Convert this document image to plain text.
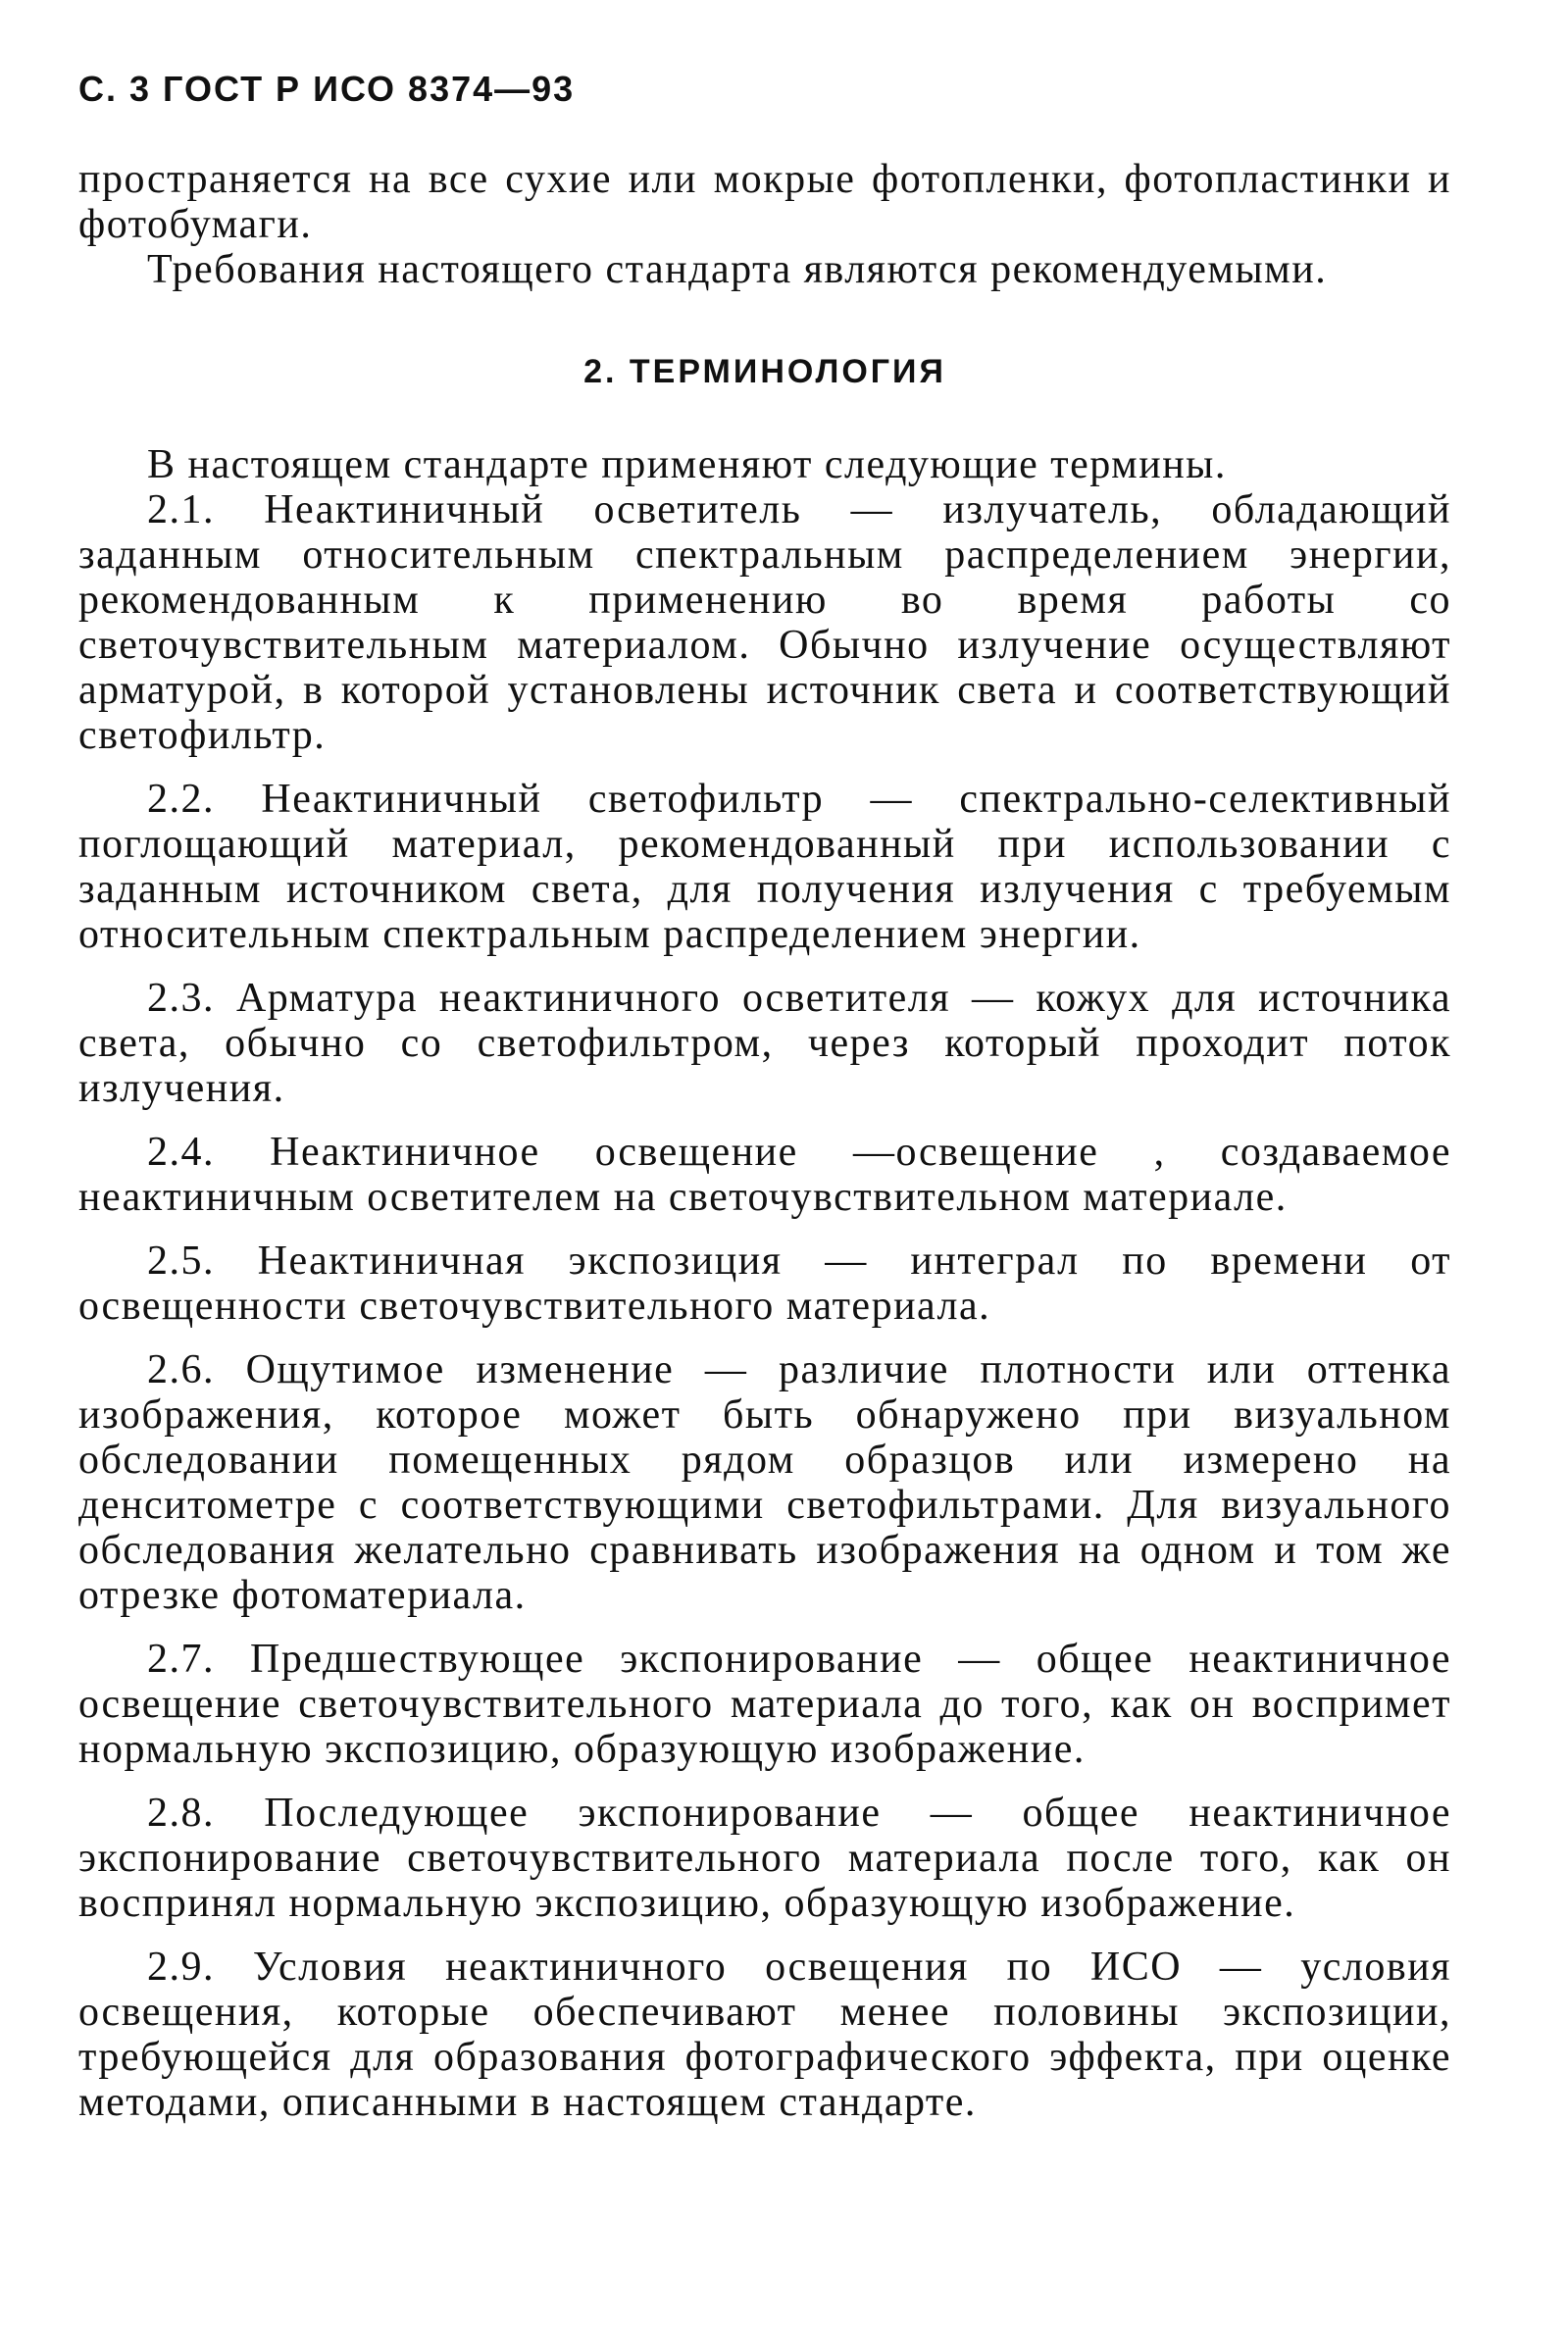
С. 3 ГОСТ Р ИСО 8374—93

пространяется на все сухие или мокрые фотопленки, фотопластинки и фотобумаги.

Требования настоящего стандарта являются рекомендуемыми.

2. ТЕРМИНОЛОГИЯ

В настоящем стандарте применяют следующие термины.

2.1. Неактиничный осветитель — излучатель, обладающий заданным относительным спектральным распределением энергии, рекомендованным к применению во время работы со светочувствительным материалом. Обычно излучение осуществляют арматурой, в которой установлены источник света и соответствующий светофильтр.

2.2. Неактиничный светофильтр — спектрально-селективный поглощающий материал, рекомендованный при использовании с заданным источником света, для получения излучения с требуемым относительным спектральным распределением энергии.

2.3. Арматура неактиничного осветителя — кожух для источника света, обычно со светофильтром, через который проходит поток излучения.

2.4. Неактиничное освещение —освещение , создаваемое неактиничным осветителем на светочувствительном материале.

2.5. Неактиничная экспозиция — интеграл по времени от освещенности светочувствительного материала.

2.6. Ощутимое изменение — различие плотности или оттенка изображения, которое может быть обнаружено при визуальном обследовании помещенных рядом образцов или измерено на денситометре с соответствующими светофильтрами. Для визуального обследования желательно сравнивать изображения на одном и том же отрезке фотоматериала.

2.7. Предшествующее экспонирование — общее неактиничное освещение светочувствительного материала до того, как он воспримет нормальную экспозицию, образующую изображение.

2.8. Последующее экспонирование — общее неактиничное экспонирование светочувствительного материала после того, как он воспринял нормальную экспозицию, образующую изображение.

2.9. Условия неактиничного освещения по ИСО — условия освещения, которые обеспечивают менее половины экспозиции, требующейся для образования фотографического эффекта, при оценке методами, описанными в настоящем стандарте.
